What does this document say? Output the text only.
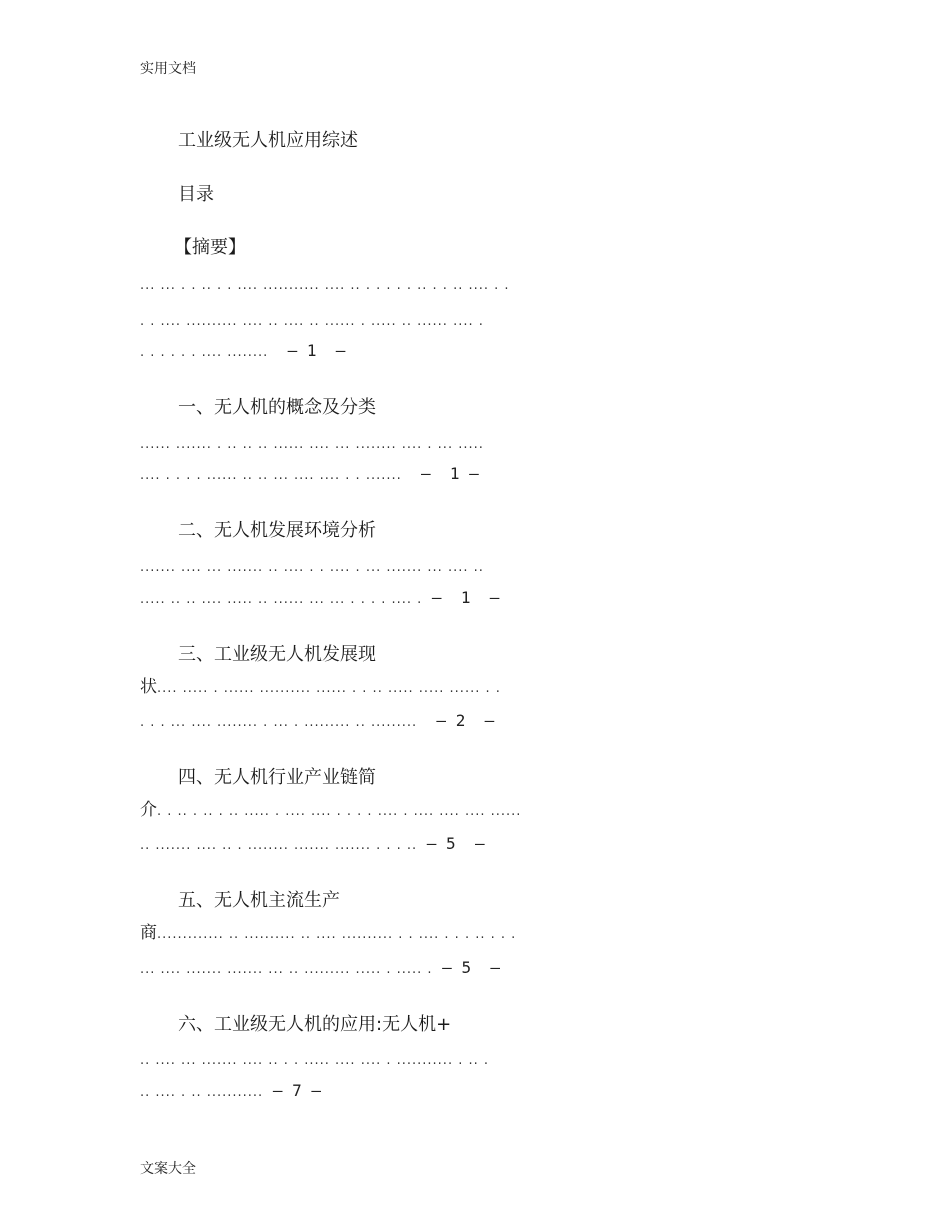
实用文档
工业级无人机应用综述
目录
【摘要】
... ... . . .. . . .... ........... .... .. . . . . . .. . . .. .... . .
. . .... .......... .... .. .... .. ...... . ..... .. ...... .... .
. . . . . . .... ........  – 1  –
一、无人机的概念及分类
...... ....... . .. .. .. ...... .... ... ........ .... . ... .....
.... . . . . ...... .. .. ... .... .... . . .......  –  1 –
二、无人机发展环境分析
....... .... ... ....... .. .... . . .... . ... ....... ... .... ..
..... .. .. .... ..... .. ...... ... ... . . . . .... . –  1  —
三、工业级无人机发展现
状.... ..... . ...... .......... ...... . . .. ..... ..... ...... . .
. . . ... .... ........ . ... . ......... .. .........  – 2  –
四、无人机行业产业链简
介. . .. . .. . .. ..... . .... .... . . . . .... . .... .... .... ......
.. ....... .... .. . ........ ....... ....... . . . .. – 5  —
五、无人机主流生产
商............. .. .......... .. .... .......... . . .... . . . .. . . .
... .... ....... ....... ... .. ......... ..... . ..... . – 5  –
六、工业级无人机的应用:无人机+
.. .... ... ....... .... .. . . ..... .... .... . ........... . .. .
.. .... . .. ........... – 7 —
文案大全
